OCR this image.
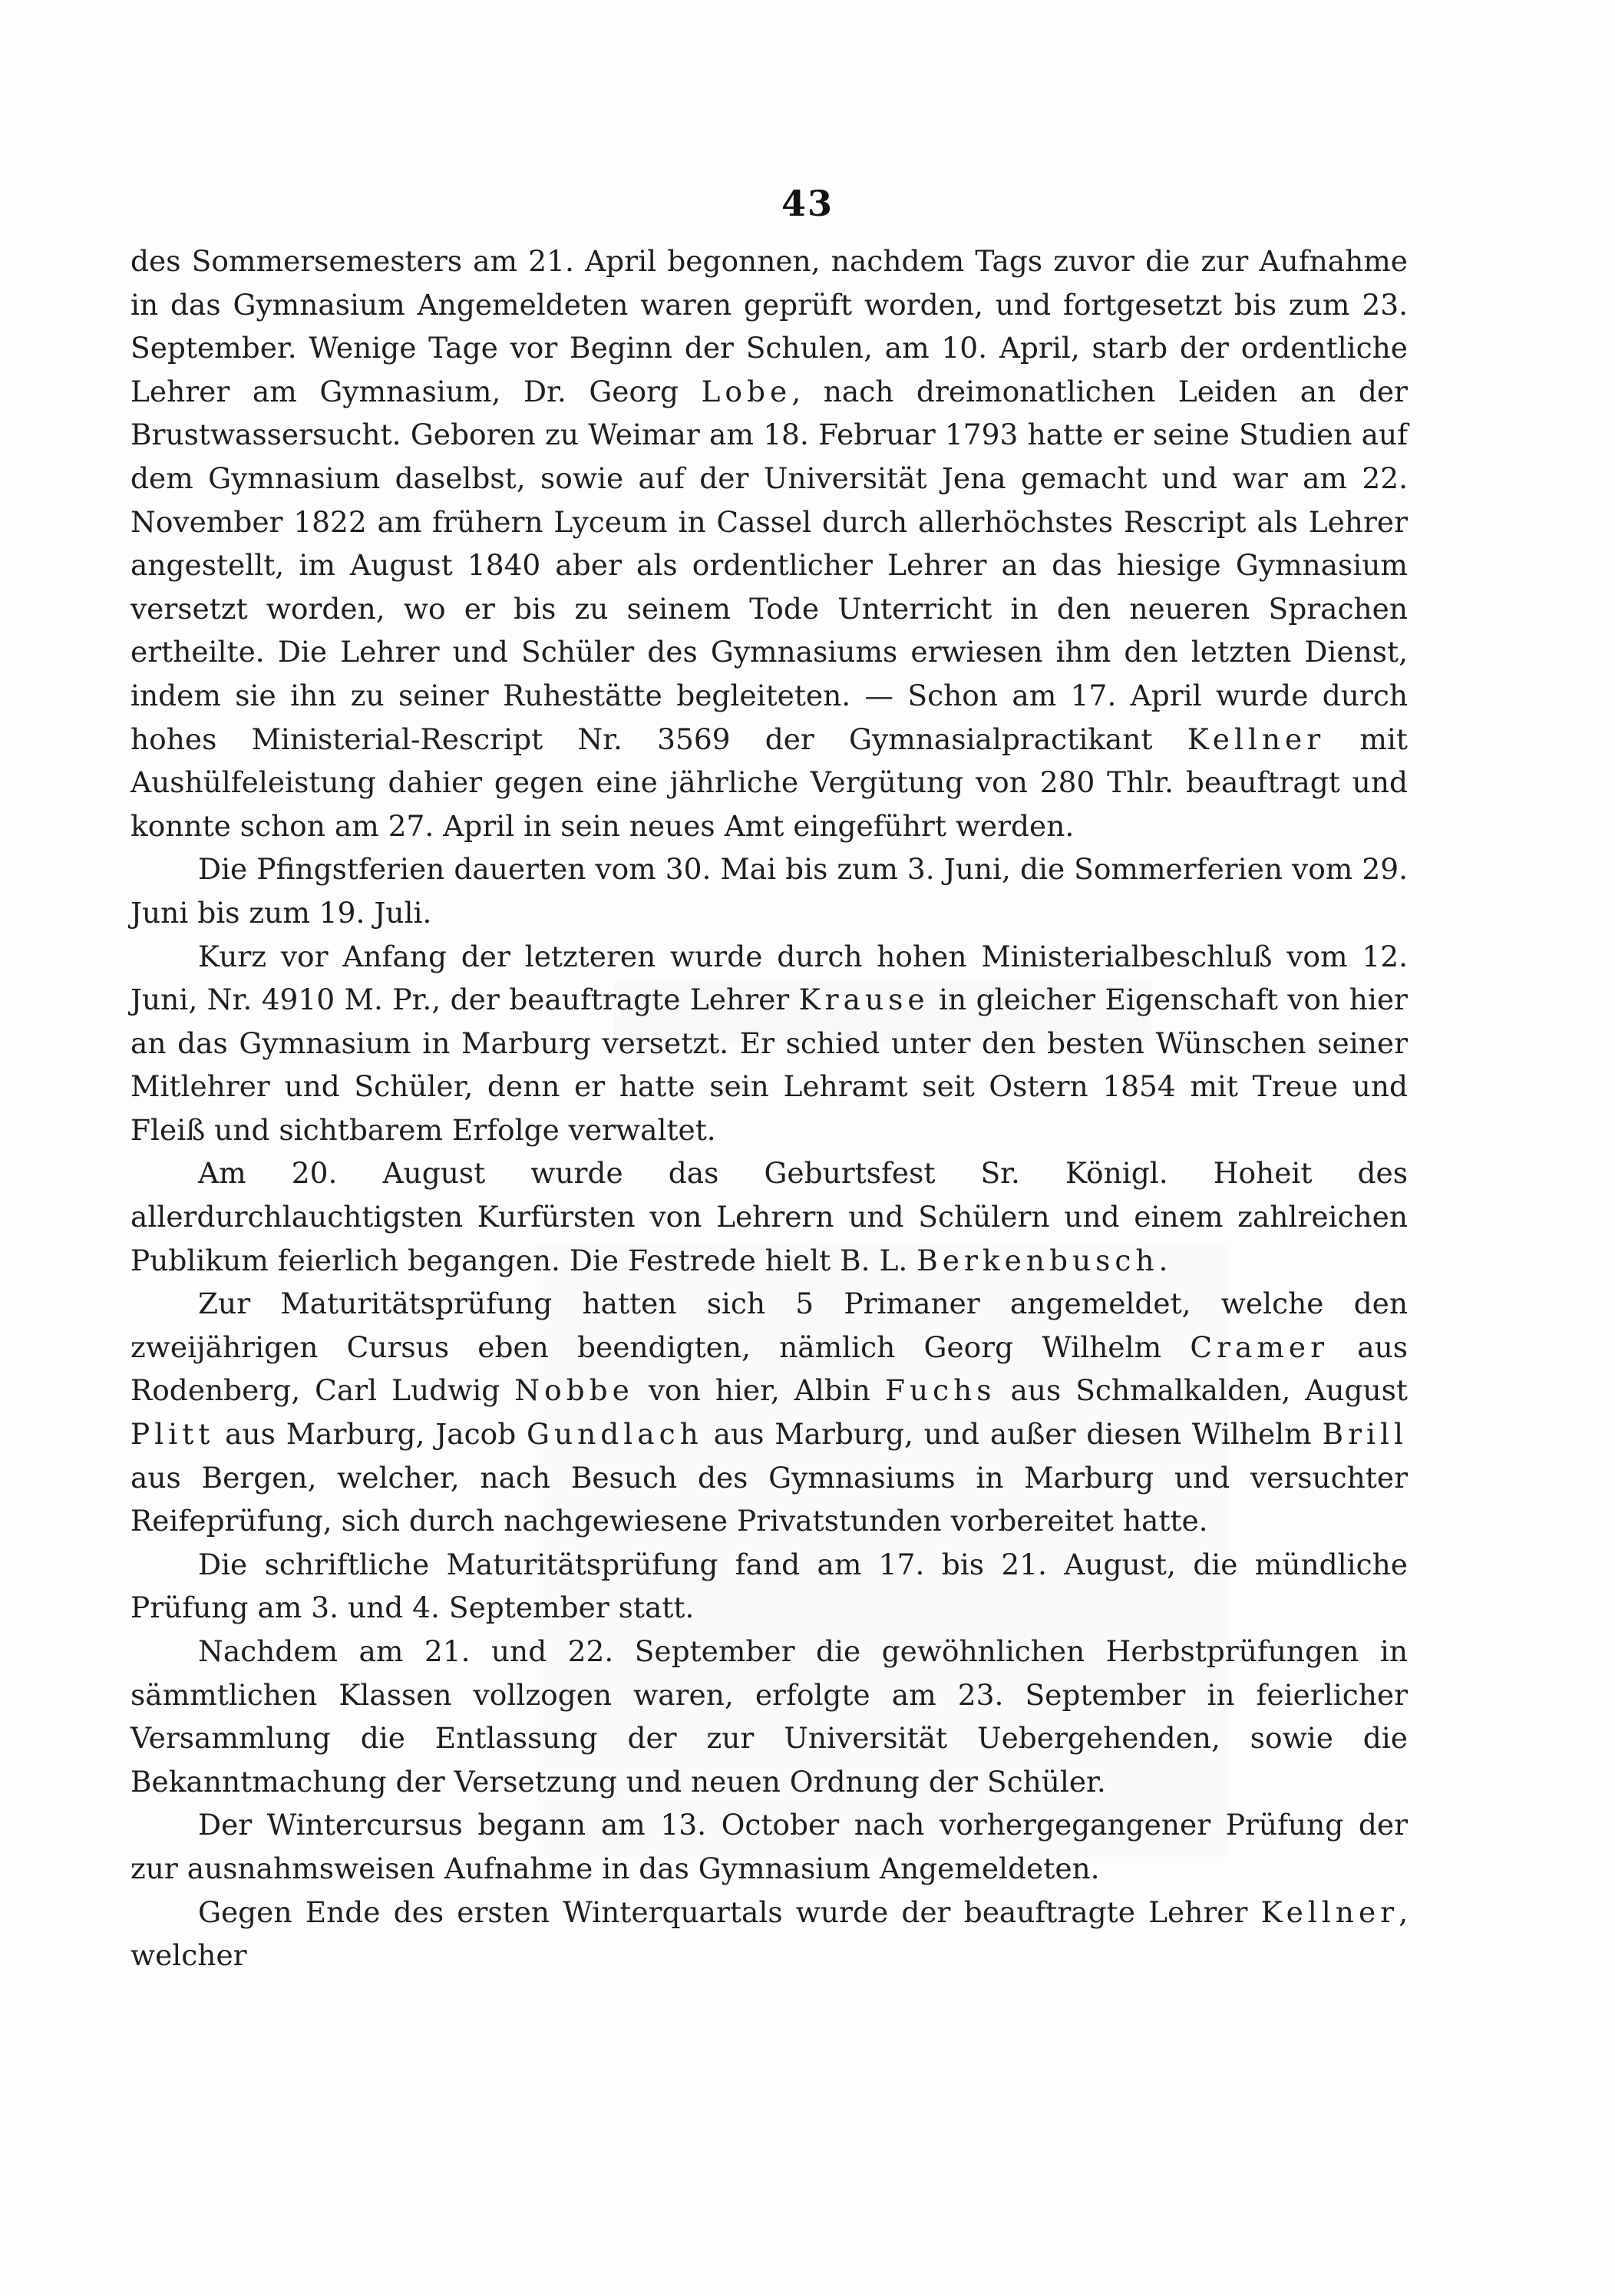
43

des Sommersemesters am 21. April begonnen, nachdem Tags zuvor die zur Aufnahme in das Gymnasium Angemeldeten waren geprüft worden, und fortgesetzt bis zum 23. September. Wenige Tage vor Beginn der Schulen, am 10. April, starb der ordentliche Lehrer am Gymnasium, Dr. Georg Lobe, nach dreimonatlichen Leiden an der Brustwassersucht. Geboren zu Weimar am 18. Februar 1793 hatte er seine Studien auf dem Gymnasium daselbst, sowie auf der Universität Jena gemacht und war am 22. November 1822 am frühern Lyceum in Cassel durch allerhöchstes Rescript als Lehrer angestellt, im August 1840 aber als ordentlicher Lehrer an das hiesige Gymnasium versetzt worden, wo er bis zu seinem Tode Unterricht in den neueren Sprachen ertheilte. Die Lehrer und Schüler des Gymnasiums erwiesen ihm den letzten Dienst, indem sie ihn zu seiner Ruhestätte begleiteten. — Schon am 17. April wurde durch hohes Ministerial-Rescript Nr. 3569 der Gymnasialpractikant Kellner mit Aushülfeleistung dahier gegen eine jährliche Vergütung von 280 Thlr. beauftragt und konnte schon am 27. April in sein neues Amt eingeführt werden.

Die Pfingstferien dauerten vom 30. Mai bis zum 3. Juni, die Sommerferien vom 29. Juni bis zum 19. Juli.

Kurz vor Anfang der letzteren wurde durch hohen Ministerialbeschluß vom 12. Juni, Nr. 4910 M. Pr., der beauftragte Lehrer Krause in gleicher Eigenschaft von hier an das Gymnasium in Marburg versetzt. Er schied unter den besten Wünschen seiner Mitlehrer und Schüler, denn er hatte sein Lehramt seit Ostern 1854 mit Treue und Fleiß und sichtbarem Erfolge verwaltet.

Am 20. August wurde das Geburtsfest Sr. Königl. Hoheit des allerdurchlauchtigsten Kurfürsten von Lehrern und Schülern und einem zahlreichen Publikum feierlich begangen. Die Festrede hielt B. L. Berkenbusch.

Zur Maturitätsprüfung hatten sich 5 Primaner angemeldet, welche den zweijährigen Cursus eben beendigten, nämlich Georg Wilhelm Cramer aus Rodenberg, Carl Ludwig Nobbe von hier, Albin Fuchs aus Schmalkalden, August Plitt aus Marburg, Jacob Gundlach aus Marburg, und außer diesen Wilhelm Brill aus Bergen, welcher, nach Besuch des Gymnasiums in Marburg und versuchter Reifeprüfung, sich durch nachgewiesene Privatstunden vorbereitet hatte.

Die schriftliche Maturitätsprüfung fand am 17. bis 21. August, die mündliche Prüfung am 3. und 4. September statt.

Nachdem am 21. und 22. September die gewöhnlichen Herbstprüfungen in sämmtlichen Klassen vollzogen waren, erfolgte am 23. September in feierlicher Versammlung die Entlassung der zur Universität Uebergehenden, sowie die Bekanntmachung der Versetzung und neuen Ordnung der Schüler.

Der Wintercursus begann am 13. October nach vorhergegangener Prüfung der zur ausnahmsweisen Aufnahme in das Gymnasium Angemeldeten.

Gegen Ende des ersten Winterquartals wurde der beauftragte Lehrer Kellner, welcher
